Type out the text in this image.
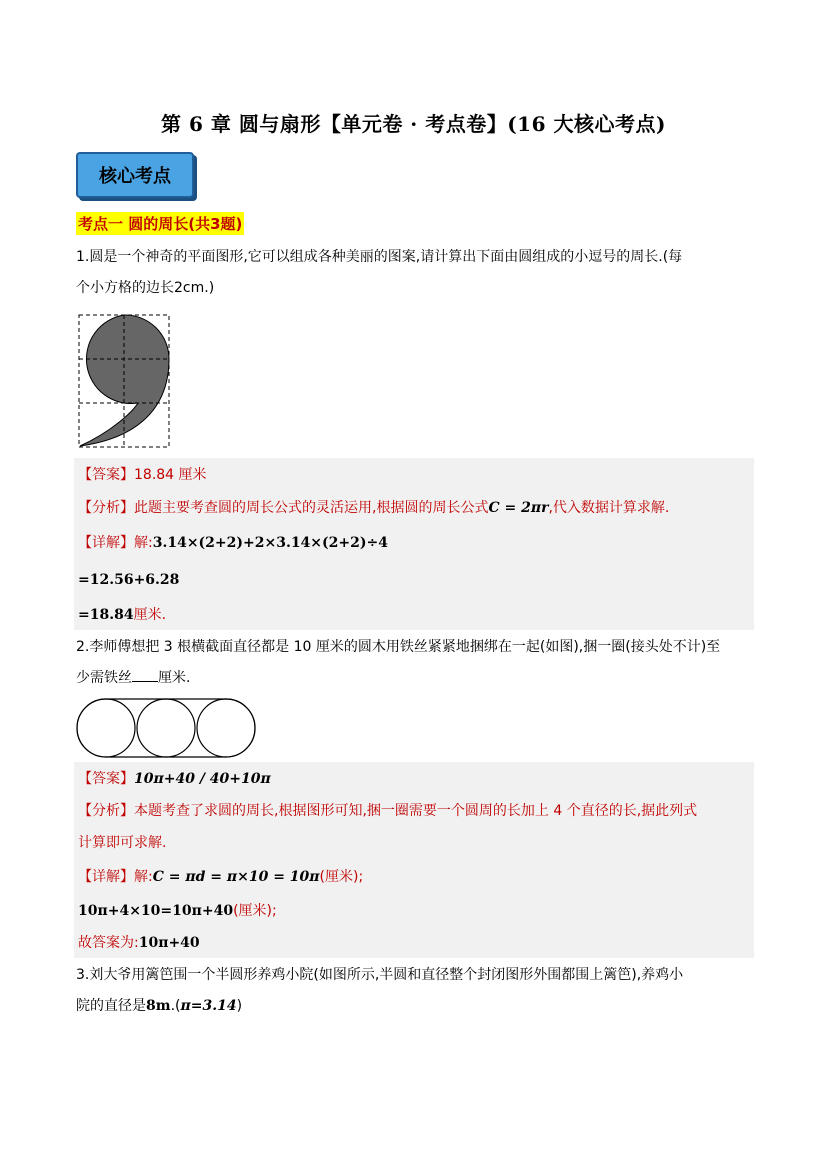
第 6 章 圆与扇形【单元卷 · 考点卷】(16 大核心考点)
核心考点
考点一 圆的周长(共3题)
1.圆是一个神奇的平面图形,它可以组成各种美丽的图案,请计算出下面由圆组成的小逗号的周长.(每
个小方格的边长2cm.)
【答案】18.84 厘米
【分析】此题主要考查圆的周长公式的灵活运用,根据圆的周长公式C = 2πr,代入数据计算求解.
【详解】解:3.14×(2+2)+2×3.14×(2+2)÷4
=12.56+6.28
=18.84厘米.
2.李师傅想把 3 根横截面直径都是 10 厘米的圆木用铁丝紧紧地捆绑在一起(如图),捆一圈(接头处不计)至
少需铁丝 厘米.
【答案】10π+40 / 40+10π
【分析】本题考查了求圆的周长,根据图形可知,捆一圈需要一个圆周的长加上 4 个直径的长,据此列式
计算即可求解.
【详解】解:C = πd = π×10 = 10π(厘米);
10π+4×10=10π+40(厘米);
故答案为:10π+40
3.刘大爷用篱笆围一个半圆形养鸡小院(如图所示,半圆和直径整个封闭图形外围都围上篱笆),养鸡小
院的直径是8m.(π=3.14)
